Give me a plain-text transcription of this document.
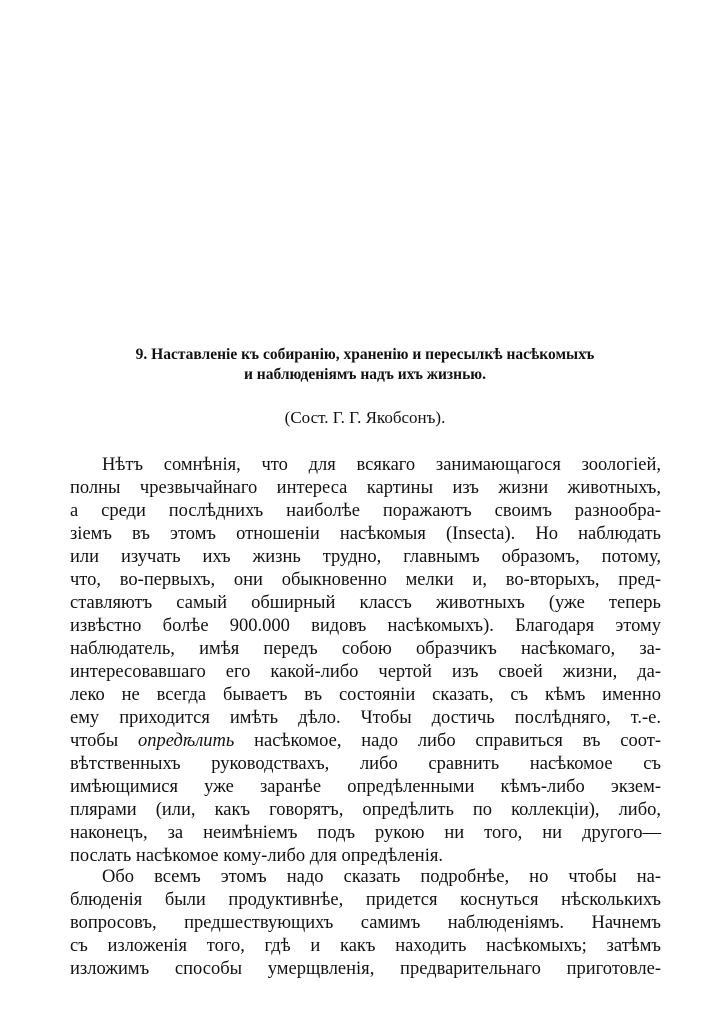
9. Наставленіе къ собиранію, храненію и пересылкѣ насѣкомыхъ
и наблюденіямъ надъ ихъ жизнью.
(Сост. Г. Г. Якобсонъ).
Нѣтъ сомнѣнія, что для всякаго занимающагося зоологіей,
полны чрезвычайнаго интереса картины изъ жизни животныхъ,
а среди послѣднихъ наиболѣе поражаютъ своимъ разнообра-
зіемъ въ этомъ отношеніи насѣкомыя (Insecta). Но наблюдать
или изучать ихъ жизнь трудно, главнымъ образомъ, потому,
что, во-первыхъ, они обыкновенно мелки и, во-вторыхъ, пред-
ставляютъ самый обширный классъ животныхъ (уже теперь
извѣстно болѣе 900.000 видовъ насѣкомыхъ). Благодаря этому
наблюдатель, имѣя передъ собою образчикъ насѣкомаго, за-
интересовавшаго его какой-либо чертой изъ своей жизни, да-
леко не всегда бываетъ въ состояніи сказать, съ кѣмъ именно
ему приходится имѣть дѣло. Чтобы достичь послѣдняго, т.-е.
чтобы опредѣлить насѣкомое, надо либо справиться въ соот-
вѣтственныхъ руководствахъ, либо сравнить насѣкомое съ
имѣющимися уже заранѣе опредѣленными кѣмъ-либо экзем-
плярами (или, какъ говорятъ, опредѣлить по коллекціи), либо,
наконецъ, за неимѣніемъ подъ рукою ни того, ни другого—
послать насѣкомое кому-либо для опредѣленія.
Обо всемъ этомъ надо сказать подробнѣе, но чтобы на-
блюденія были продуктивнѣе, придется коснуться нѣсколькихъ
вопросовъ, предшествующихъ самимъ наблюденіямъ. Начнемъ
съ изложенія того, гдѣ и какъ находить насѣкомыхъ; затѣмъ
изложимъ способы умерщвленія, предварительнаго приготовле-
